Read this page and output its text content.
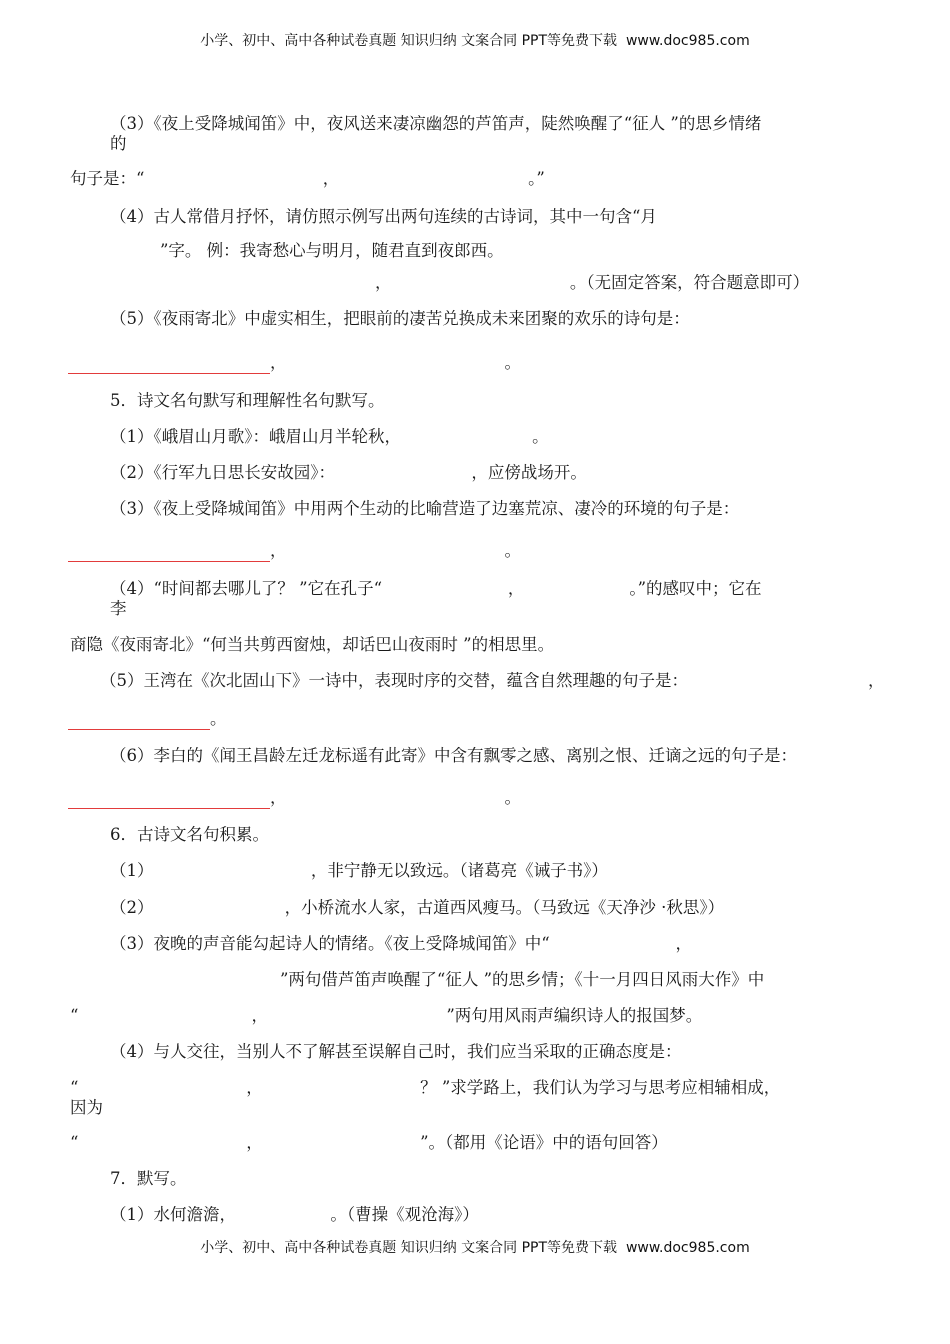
小学、初中、高中各种试卷真题 知识归纳 文案合同 PPT等免费下载 www.doc985.com
（3）《夜上受降城闻笛》中，夜风送来凄凉幽怨的芦笛声，陡然唤醒了“征人 ”的思乡情绪
的
句子是：“                                  ，                                    。”
（4）古人常借月抒怀，请仿照示例写出两句连续的古诗词，其中一句含“月
”字。 例：我寄愁心与明月，随君直到夜郎西。
，                                  。（无固定答案，符合题意即可）
（5）《夜雨寄北》中虚实相生，把眼前的凄苦兑换成未来团聚的欢乐的诗句是：
，	。
5．诗文名句默写和理解性名句默写。
（1）《峨眉山月歌》：峨眉山月半轮秋，                         。
（2）《行军九日思长安故园》：                          ，应傍战场开。
（3）《夜上受降城闻笛》中用两个生动的比喻营造了边塞荒凉、凄冷的环境的句子是：
，	。
（4）“时间都去哪儿了？ ”它在孔子“                        ，                    。”的感叹中；它在
李
商隐《夜雨寄北》“何当共剪西窗烛，却话巴山夜雨时 ”的相思里。
（5）王湾在《次北固山下》一诗中，表现时序的交替，蕴含自然理趣的句子是：	，
。
（6）李白的《闻王昌龄左迁龙标遥有此寄》中含有飘零之感、离别之恨、迁谪之远的句子是：
，	。
6．古诗文名句积累。
（1）                              ，非宁静无以致远。（诸葛亮《诫子书》）
（2）                         ，小桥流水人家，古道西风瘦马。（马致远《天净沙 ·秋思》）
（3）夜晚的声音能勾起诗人的情绪。《夜上受降城闻笛》中“                        ，
”两句借芦笛声唤醒了“征人 ”的思乡情；《十一月四日风雨大作》中
“                                 ，                                  ”两句用风雨声编织诗人的报国梦。
（4）与人交往，当别人不了解甚至误解自己时，我们应当采取的正确态度是：
“                                ，                              ？ ”求学路上，我们认为学习与思考应相辅相成，
因为
“                                ，                              ”。（都用《论语》中的语句回答）
7．默写。
（1）水何澹澹，                  。（曹操《观沧海》）
小学、初中、高中各种试卷真题 知识归纳 文案合同 PPT等免费下载 www.doc985.com
